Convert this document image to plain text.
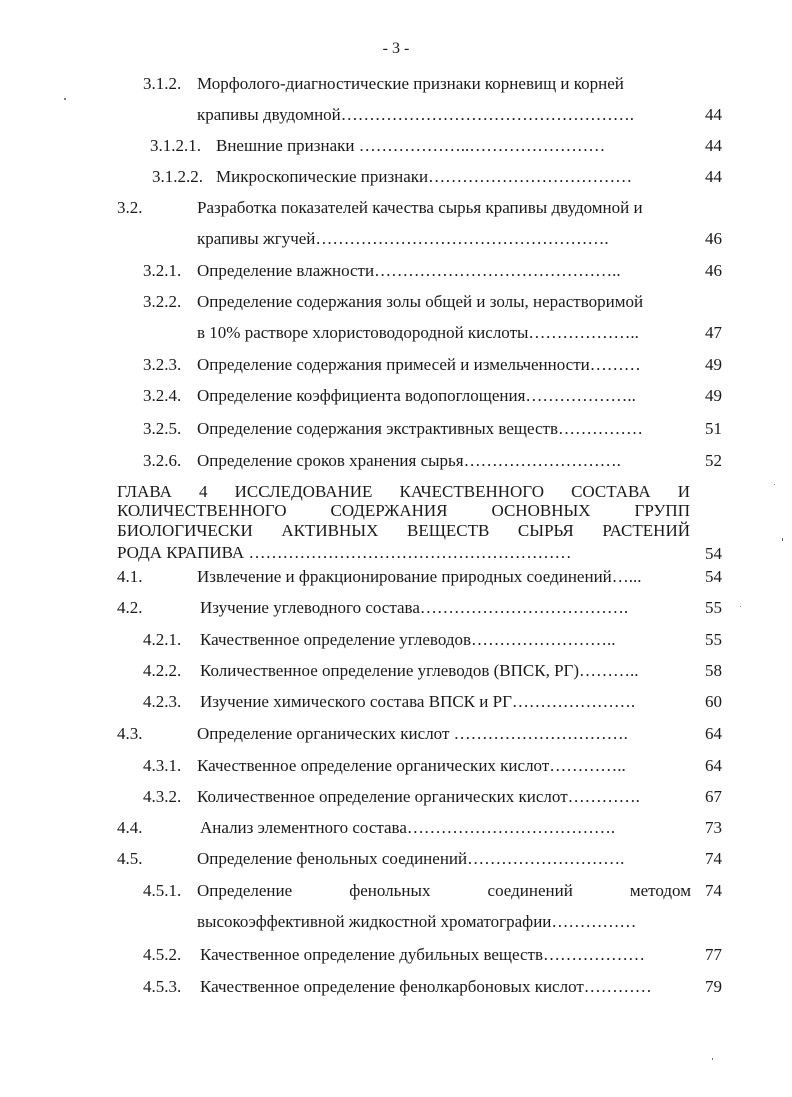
- 3 -
3.1.2. Морфолого-диагностические признаки корневищ и корней
крапивы двудомной…………………………………………….	44
3.1.2.1. Внешние признаки ………………..……………………	44
3.1.2.2. Микроскопические признаки………………………………	44
3.2.	Разработка показателей качества сырья крапивы двудомной и
крапивы жгучей…………………………………………….	46
3.2.1. Определение влажности……………………………………..	46
3.2.2. Определение содержания золы общей и золы, нерастворимой
в 10% растворе хлористоводородной кислоты………………..	47
3.2.3. Определение содержания примесей и измельченности………	49
3.2.4. Определение коэффициента водопоглощения………………..	49
3.2.5. Определение содержания экстрактивных веществ……………	51
3.2.6. Определение сроков хранения сырья……………………….	52
ГЛАВА 4 ИССЛЕДОВАНИЕ КАЧЕСТВЕННОГО СОСТАВА И
КОЛИЧЕСТВЕННОГО СОДЕРЖАНИЯ ОСНОВНЫХ ГРУПП
БИОЛОГИЧЕСКИ АКТИВНЫХ ВЕЩЕСТВ СЫРЬЯ РАСТЕНИЙ
РОДА КРАПИВА …………………………………………………	54
4.1.	Извлечение и фракционирование природных соединений…...	54
4.2.	Изучение углеводного состава……………………………….	55
4.2.1. Качественное определение углеводов……………………..	55
4.2.2. Количественное определение углеводов (ВПСК, РГ)………..	58
4.2.3. Изучение химического состава ВПСК и РГ………………….	60
4.3.	Определение органических кислот ………………………….	64
4.3.1. Качественное определение органических кислот…………..	64
4.3.2. Количественное определение органических кислот………….	67
4.4.	Анализ элементного состава……………………………….	73
4.5.	Определение фенольных соединений……………………….	74
4.5.1. Определение	фенольных	соединений	методом 74
высокоэффективной жидкостной хроматографии……………
4.5.2. Качественное определение дубильных веществ………………	77
4.5.3. Качественное определение фенолкарбоновых кислот…………	79
